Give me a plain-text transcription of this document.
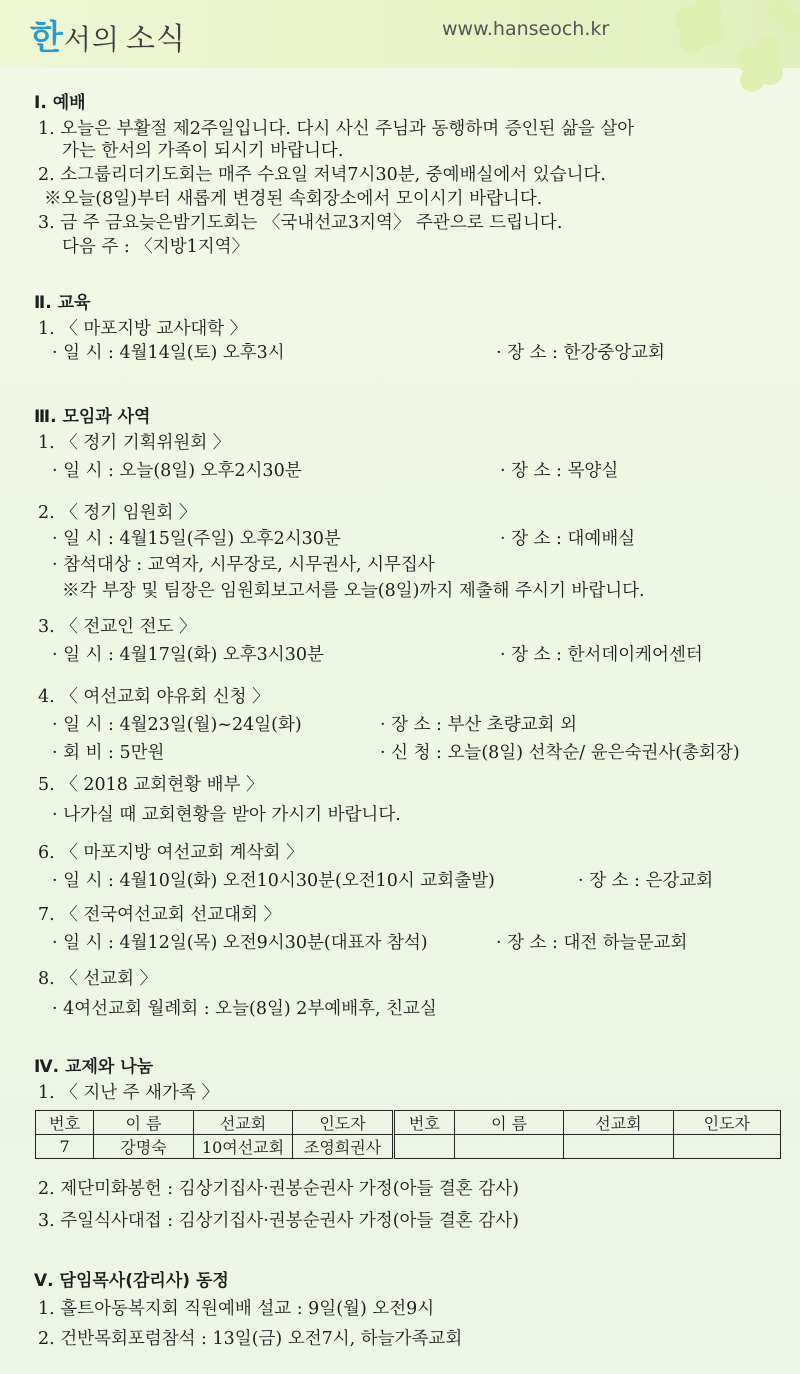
한서의 소식	www.hanseoch.kr
Ⅰ. 예배
1. 오늘은 부활절 제2주일입니다. 다시 사신 주님과 동행하며 증인된 삶을 살아
가는 한서의 가족이 되시기 바랍니다.
2. 소그룹리더기도회는 매주 수요일 저녁7시30분, 중예배실에서 있습니다.
※오늘(8일)부터 새롭게 변경된 속회장소에서 모이시기 바랍니다.
3. 금 주 금요늦은밤기도회는 〈국내선교3지역〉 주관으로 드립니다.
다음 주 : 〈지방1지역〉
Ⅱ. 교육
1. 〈 마포지방 교사대학 〉
· 일 시 : 4월14일(토) 오후3시	· 장 소 : 한강중앙교회
Ⅲ. 모임과 사역
1. 〈 정기 기획위원회 〉
· 일 시 : 오늘(8일) 오후2시30분	· 장 소 : 목양실
2. 〈 정기 임원회 〉
· 일 시 : 4월15일(주일) 오후2시30분	· 장 소 : 대예배실
· 참석대상 : 교역자, 시무장로, 시무권사, 시무집사
※각 부장 및 팀장은 임원회보고서를 오늘(8일)까지 제출해 주시기 바랍니다.
3. 〈 전교인 전도 〉
· 일 시 : 4월17일(화) 오후3시30분	· 장 소 : 한서데이케어센터
4. 〈 여선교회 야유회 신청 〉
· 일 시 : 4월23일(월)~24일(화)	· 장 소 : 부산 초량교회 외
· 회 비 : 5만원	· 신 청 : 오늘(8일) 선착순/ 윤은숙권사(총회장)
5. 〈 2018 교회현황 배부 〉
· 나가실 때 교회현황을 받아 가시기 바랍니다.
6. 〈 마포지방 여선교회 계삭회 〉
· 일 시 : 4월10일(화) 오전10시30분(오전10시 교회출발)	· 장 소 : 은강교회
7. 〈 전국여선교회 선교대회 〉
· 일 시 : 4월12일(목) 오전9시30분(대표자 참석)	· 장 소 : 대전 하늘문교회
8. 〈 선교회 〉
· 4여선교회 월례회 : 오늘(8일) 2부예배후, 친교실
Ⅳ. 교제와 나눔
1. 〈 지난 주 새가족 〉
번호	이 름	선교회	인도자	번호	이 름	선교회	인도자
7	강명숙	10여선교회	조영희권사				
2. 제단미화봉헌 : 김상기집사·권봉순권사 가정(아들 결혼 감사)
3. 주일식사대접 : 김상기집사·권봉순권사 가정(아들 결혼 감사)
Ⅴ. 담임목사(감리사) 동정
1. 홀트아동복지회 직원예배 설교 : 9일(월) 오전9시
2. 건반목회포럼참석 : 13일(금) 오전7시, 하늘가족교회
